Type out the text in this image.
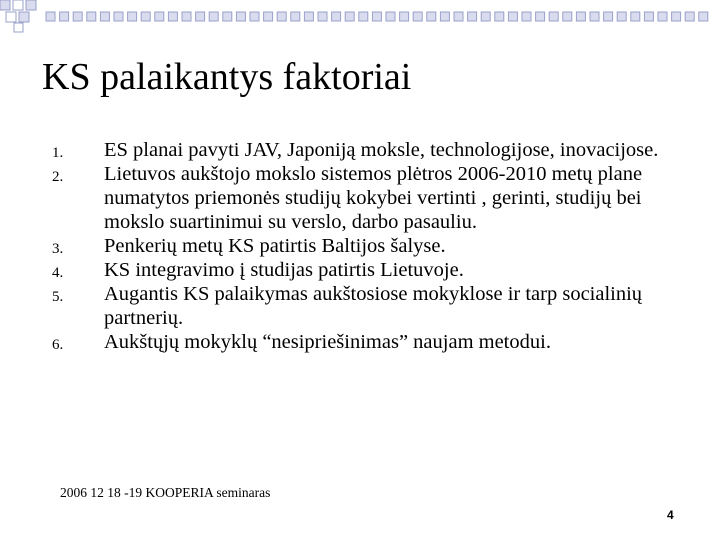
KS palaikantys faktoriai
1.	ES planai pavyti JAV, Japoniją moksle, technologijose, inovacijose.
2.	Lietuvos aukštojo mokslo sistemos plėtros 2006-2010 metų plane numatytos priemonės studijų kokybei vertinti , gerinti, studijų bei mokslo suartinimui su verslo, darbo pasauliu.
3.	Penkerių metų KS patirtis Baltijos šalyse.
4.	KS integravimo į studijas patirtis Lietuvoje.
5.	Augantis KS palaikymas aukštosiose mokyklose ir tarp socialinių partnerių.
6.	Aukštųjų mokyklų “nesipriešinimas” naujam metodui.
2006 12 18 -19 KOOPERIA seminaras
4
